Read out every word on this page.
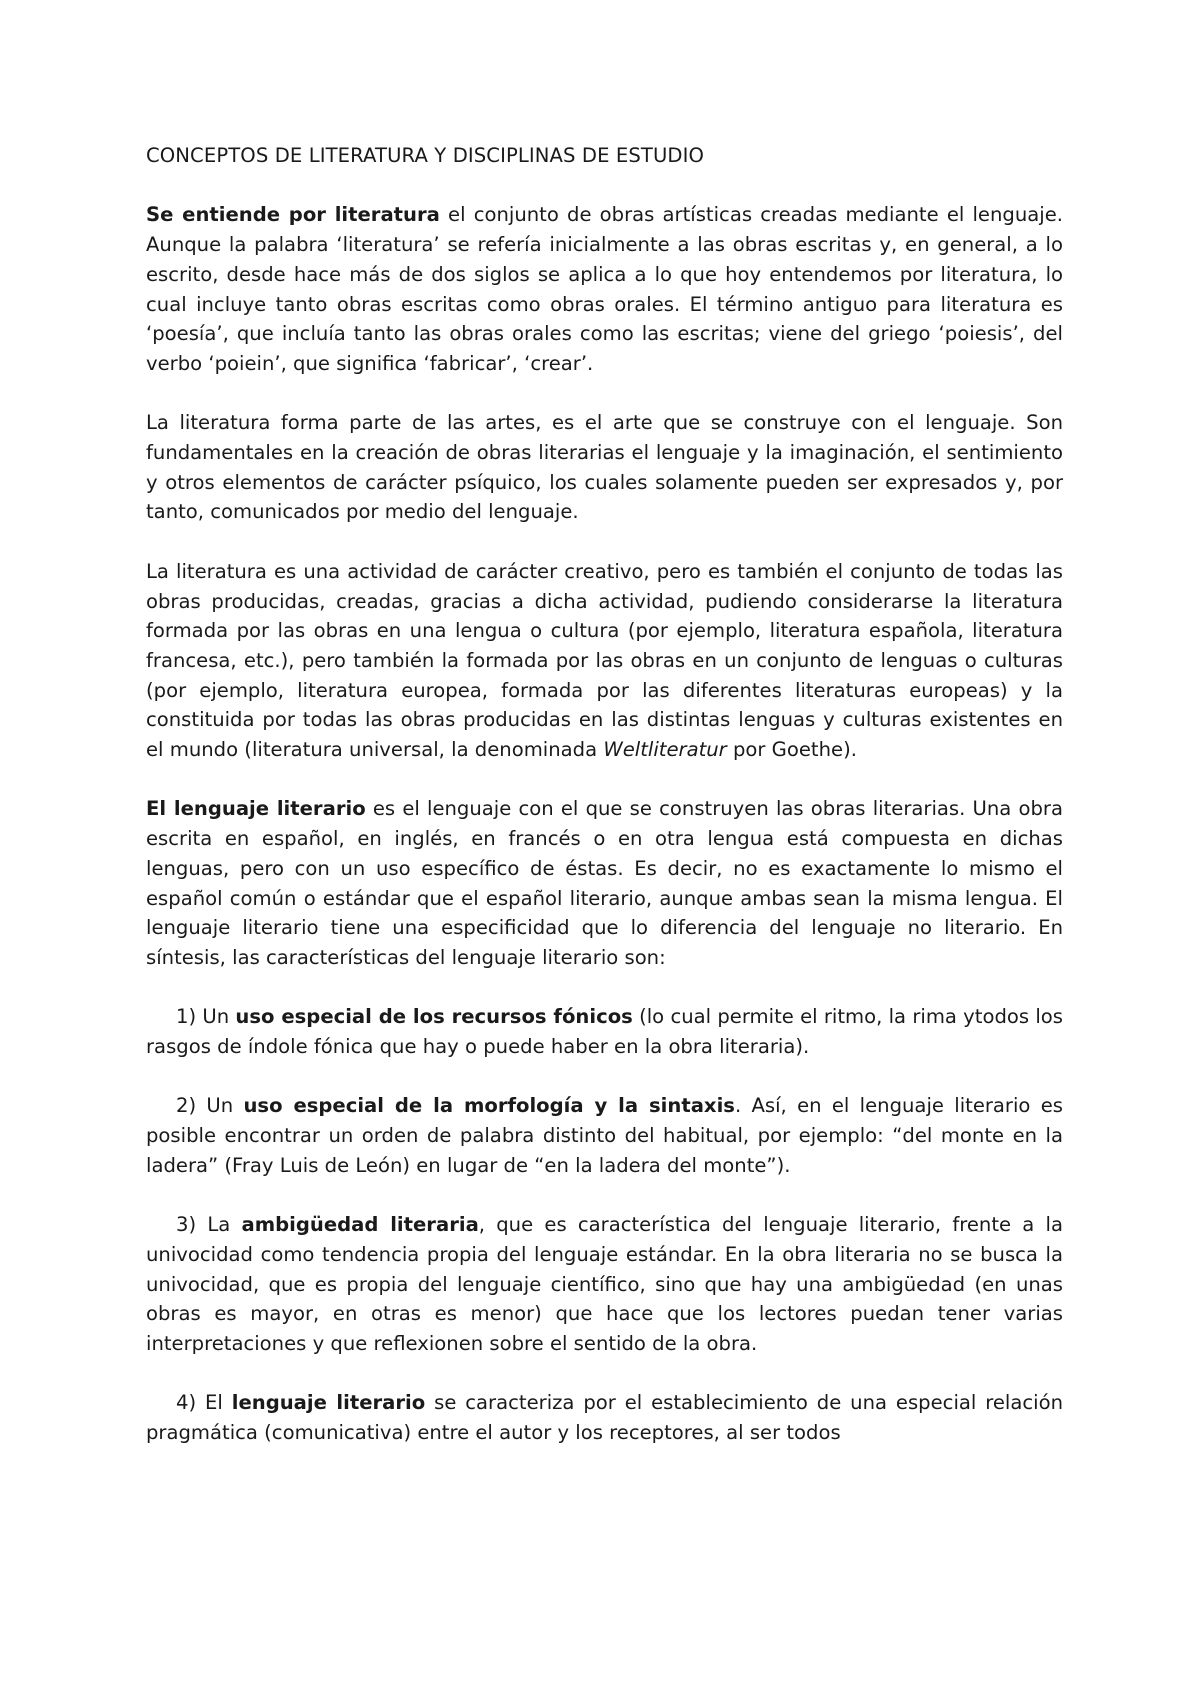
CONCEPTOS DE LITERATURA Y DISCIPLINAS DE ESTUDIO

Se entiende por literatura el conjunto de obras artísticas creadas mediante el lenguaje. Aunque la palabra ‘literatura’ se refería inicialmente a las obras escritas y, en general, a lo escrito, desde hace más de dos siglos se aplica a lo que hoy entendemos por literatura, lo cual incluye tanto obras escritas como obras orales. El término antiguo para literatura es ‘poesía’, que incluía tanto las obras orales como las escritas; viene del griego ‘poiesis’, del verbo ‘poiein’, que significa ‘fabricar’, ‘crear’.

La literatura forma parte de las artes, es el arte que se construye con el lenguaje. Son fundamentales en la creación de obras literarias el lenguaje y la imaginación, el sentimiento y otros elementos de carácter psíquico, los cuales solamente pueden ser expresados y, por tanto, comunicados por medio del lenguaje.

La literatura es una actividad de carácter creativo, pero es también el conjunto de todas las obras producidas, creadas, gracias a dicha actividad, pudiendo considerarse la literatura formada por las obras en una lengua o cultura (por ejemplo, literatura española, literatura francesa, etc.), pero también la formada por las obras en un conjunto de lenguas o culturas (por ejemplo, literatura europea, formada por las diferentes literaturas europeas) y la constituida por todas las obras producidas en las distintas lenguas y culturas existentes en el mundo (literatura universal, la denominada Weltliteratur por Goethe).

El lenguaje literario es el lenguaje con el que se construyen las obras literarias. Una obra escrita en español, en inglés, en francés o en otra lengua está compuesta en dichas lenguas, pero con un uso específico de éstas. Es decir, no es exactamente lo mismo el español común o estándar que el español literario, aunque ambas sean la misma lengua. El lenguaje literario tiene una especificidad que lo diferencia del lenguaje no literario. En síntesis, las características del lenguaje literario son:

1) Un uso especial de los recursos fónicos (lo cual permite el ritmo, la rima ytodos los rasgos de índole fónica que hay o puede haber en la obra literaria).

2) Un uso especial de la morfología y la sintaxis. Así, en el lenguaje literario es posible encontrar un orden de palabra distinto del habitual, por ejemplo: “del monte en la ladera” (Fray Luis de León) en lugar de “en la ladera del monte”).

3) La ambigüedad literaria, que es característica del lenguaje literario, frente a la univocidad como tendencia propia del lenguaje estándar. En la obra literaria no se busca la univocidad, que es propia del lenguaje científico, sino que hay una ambigüedad (en unas obras es mayor, en otras es menor) que hace que los lectores puedan tener varias interpretaciones y que reflexionen sobre el sentido de la obra.

4) El lenguaje literario se caracteriza por el establecimiento de una especial relación pragmática (comunicativa) entre el autor y los receptores, al ser todos
